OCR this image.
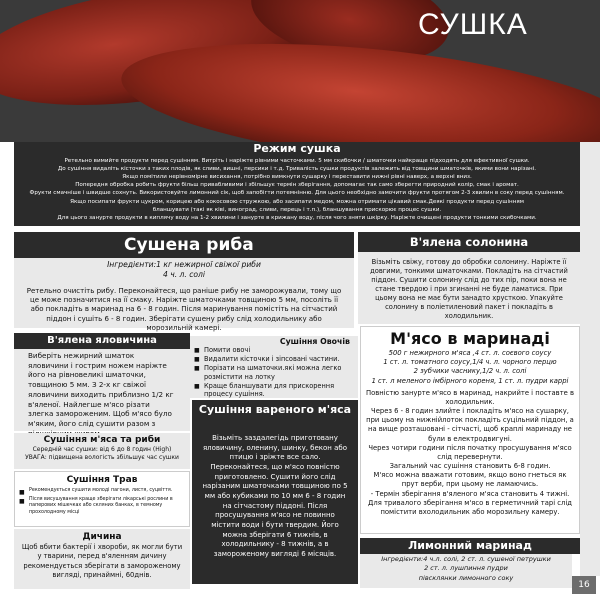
СУШКА
Режим сушка
Ретельно вимийте продукти перед сушінням. Витріть і наріжте рівними часточками. 5 мм скибочки / шматочки найкраще підходять для ефективної сушки.
До сушіння видаліть кісточки з таких плодів, як сливи, вишні, персики і т.д. Тривалість сушки продуктів залежить від товщини шматочків, якими вони нарізані.
Якщо помітили нерівномірне висихання, потрібно вимкнути сушарку і переставити нижні рівні наверх, а верхні вниз.
Попередня обробка робить фрукти більш привабливими і збільшує термін зберігання, допомагає так само зберегти природний колір, смак і аромат.
Фрукти смачніше і швидше сохнуть. Використовуйте лимонний сік, щоб запобігти потемнінню. Для цього необхідно замочити фрукти протягом 2-3 хвилин в соку перед сушінням.
Якщо посипати фрукти цукром, корицею або кокосовою стружкою, або засипати медом, можна отримати цікавий смак.Деякі продукти перед сушінням
бланшувати (такі як ківі, виноград, сливи, перець і т.п.), бланшування прискорює процес сушки.
Для цього занурте продукти в киплячу воду на 1-2 хвилини і занурте в крижану воду, після чого зняти шкірку. Наріжте очищені продукти тонкими скибочками.
Сушена риба
Інгредієнти:1 кг нежирної свіжої риби
4 ч. л. солі
Ретельно очистіть рибу. Переконайтеся, що раніше рибу не заморожували, тому що це може позначитися на її смаку. Наріжте шматочками товщиною 5 мм, посоліть її або покладіть в маринад на 6 - 8 годин. Після маринування помістіть на сітчастий піддон і сушіть 6 - 8 годин. Зберігати сушену рибу слід холодильнику або морозильній камері.
В'ялена солонина
Візьміть свіжу, готову до обробки солонину. Наріжте її довгими, тонкими шматочками. Покладіть на сітчастий піддон. Сушити солонину слід до тих пір, поки вона не стане твердою і при згинанні не буде ламатися. При цьому вона не має бути занадто хрусткою. Упакуйте солонину в поліетиленовий пакет і покладіть в холодильник.
В'ялена яловичина
Виберіть нежирний шматок яловичини і гострим ножем наріжте його на рівновеликі шматочки, товщиною 5 мм. З 2-х кг свіжої яловичини виходить приблизно 1/2 кг в'яленої. Найлегше м'ясо різати злегка замороженим. Щоб м'ясо було м'яким, його слід сушити разом з
Сушіння Овочів
■ Помити овочі
■ Видалити кісточки і зіпсовані частини.
■ Порізати на шматочки.які можна легко розмістити на лотку
■ Краще бланшувати для прискорення процесу сушіння.
М'ясо в маринаді
500 г нежирного м'яса ,4 ст. л. соєвого соусу
1 ст. л. томатного соусу,1/4 ч. л. чорного перцю
2 зубчики часнику,1/2 ч. л. солі
1 ст. л меленого імбірного кореня, 1 ст. л. пудри каррі
Повністю занурте м'ясо в маринад, накрийте і поставте в холодильник.
Через 6 - 8 годин злийте і покладіть м'ясо на сушарку, при цьому на нижнійлоток покладіть суцільний піддон, а на вище розташовані - сітчасті, щоб краплі маринаду не були в електродвигуні.
Через чотири години після початку просушування м'ясо слід перевернути.
Загальний час сушіння становить 6-8 годин.
М'ясо можна вважати готовим, якщо воно гнеться як прут верби, при цьому не ламаючись.
- Термін зберігання в'яленого м'яса становить 4 тижні.
Для тривалого зберігання м'ясо в герметичний тарі слід помістити вхолодильник або морозильну камеру.
Сушіння м'яса та риби
Середній час сушки: від 6 до 8 годин (High)
УВАГА: підвищена вологість збільшує час сушки
Сушіння вареного м'яса
Візьміть заздалегідь приготовану яловичину, оленину, шинку, бекон або птицю і зріжте все сало. Переконайтеся, що м'ясо повністю приготовлено. Сушити його слід нарізаним шматочками товщиною по 5 мм або кубиками по 10 мм 6 - 8 годин на сітчастому піддоні. Після просушування м'ясо не повинно містити води і бути твердим. Його можна зберігати 6 тижнів, в холодильнику - 8 тижнів, а в замороженому вигляді 6 місяців.
Сушіння Трав
■ Рекомендується сушити молоді пагони, листя, суцвіття.
■ Після висушування краще зберігати лікарські рослини в паперових мішечках або скляних банках, в темному прохолодному місці
Дичина
Щоб вбити бактерії і хвороби, як могли бути у тварини, перед в'яленням дичину рекомендується зберігати в замороженому вигляді, принаймні, 60днів.
Лимонний маринад
Інгредієнти:4 ч.л. солі, 2 ст. л. сушеної петрушки
2 ст. л. лушпиння пудри
півсклянки лимонного соку
16
